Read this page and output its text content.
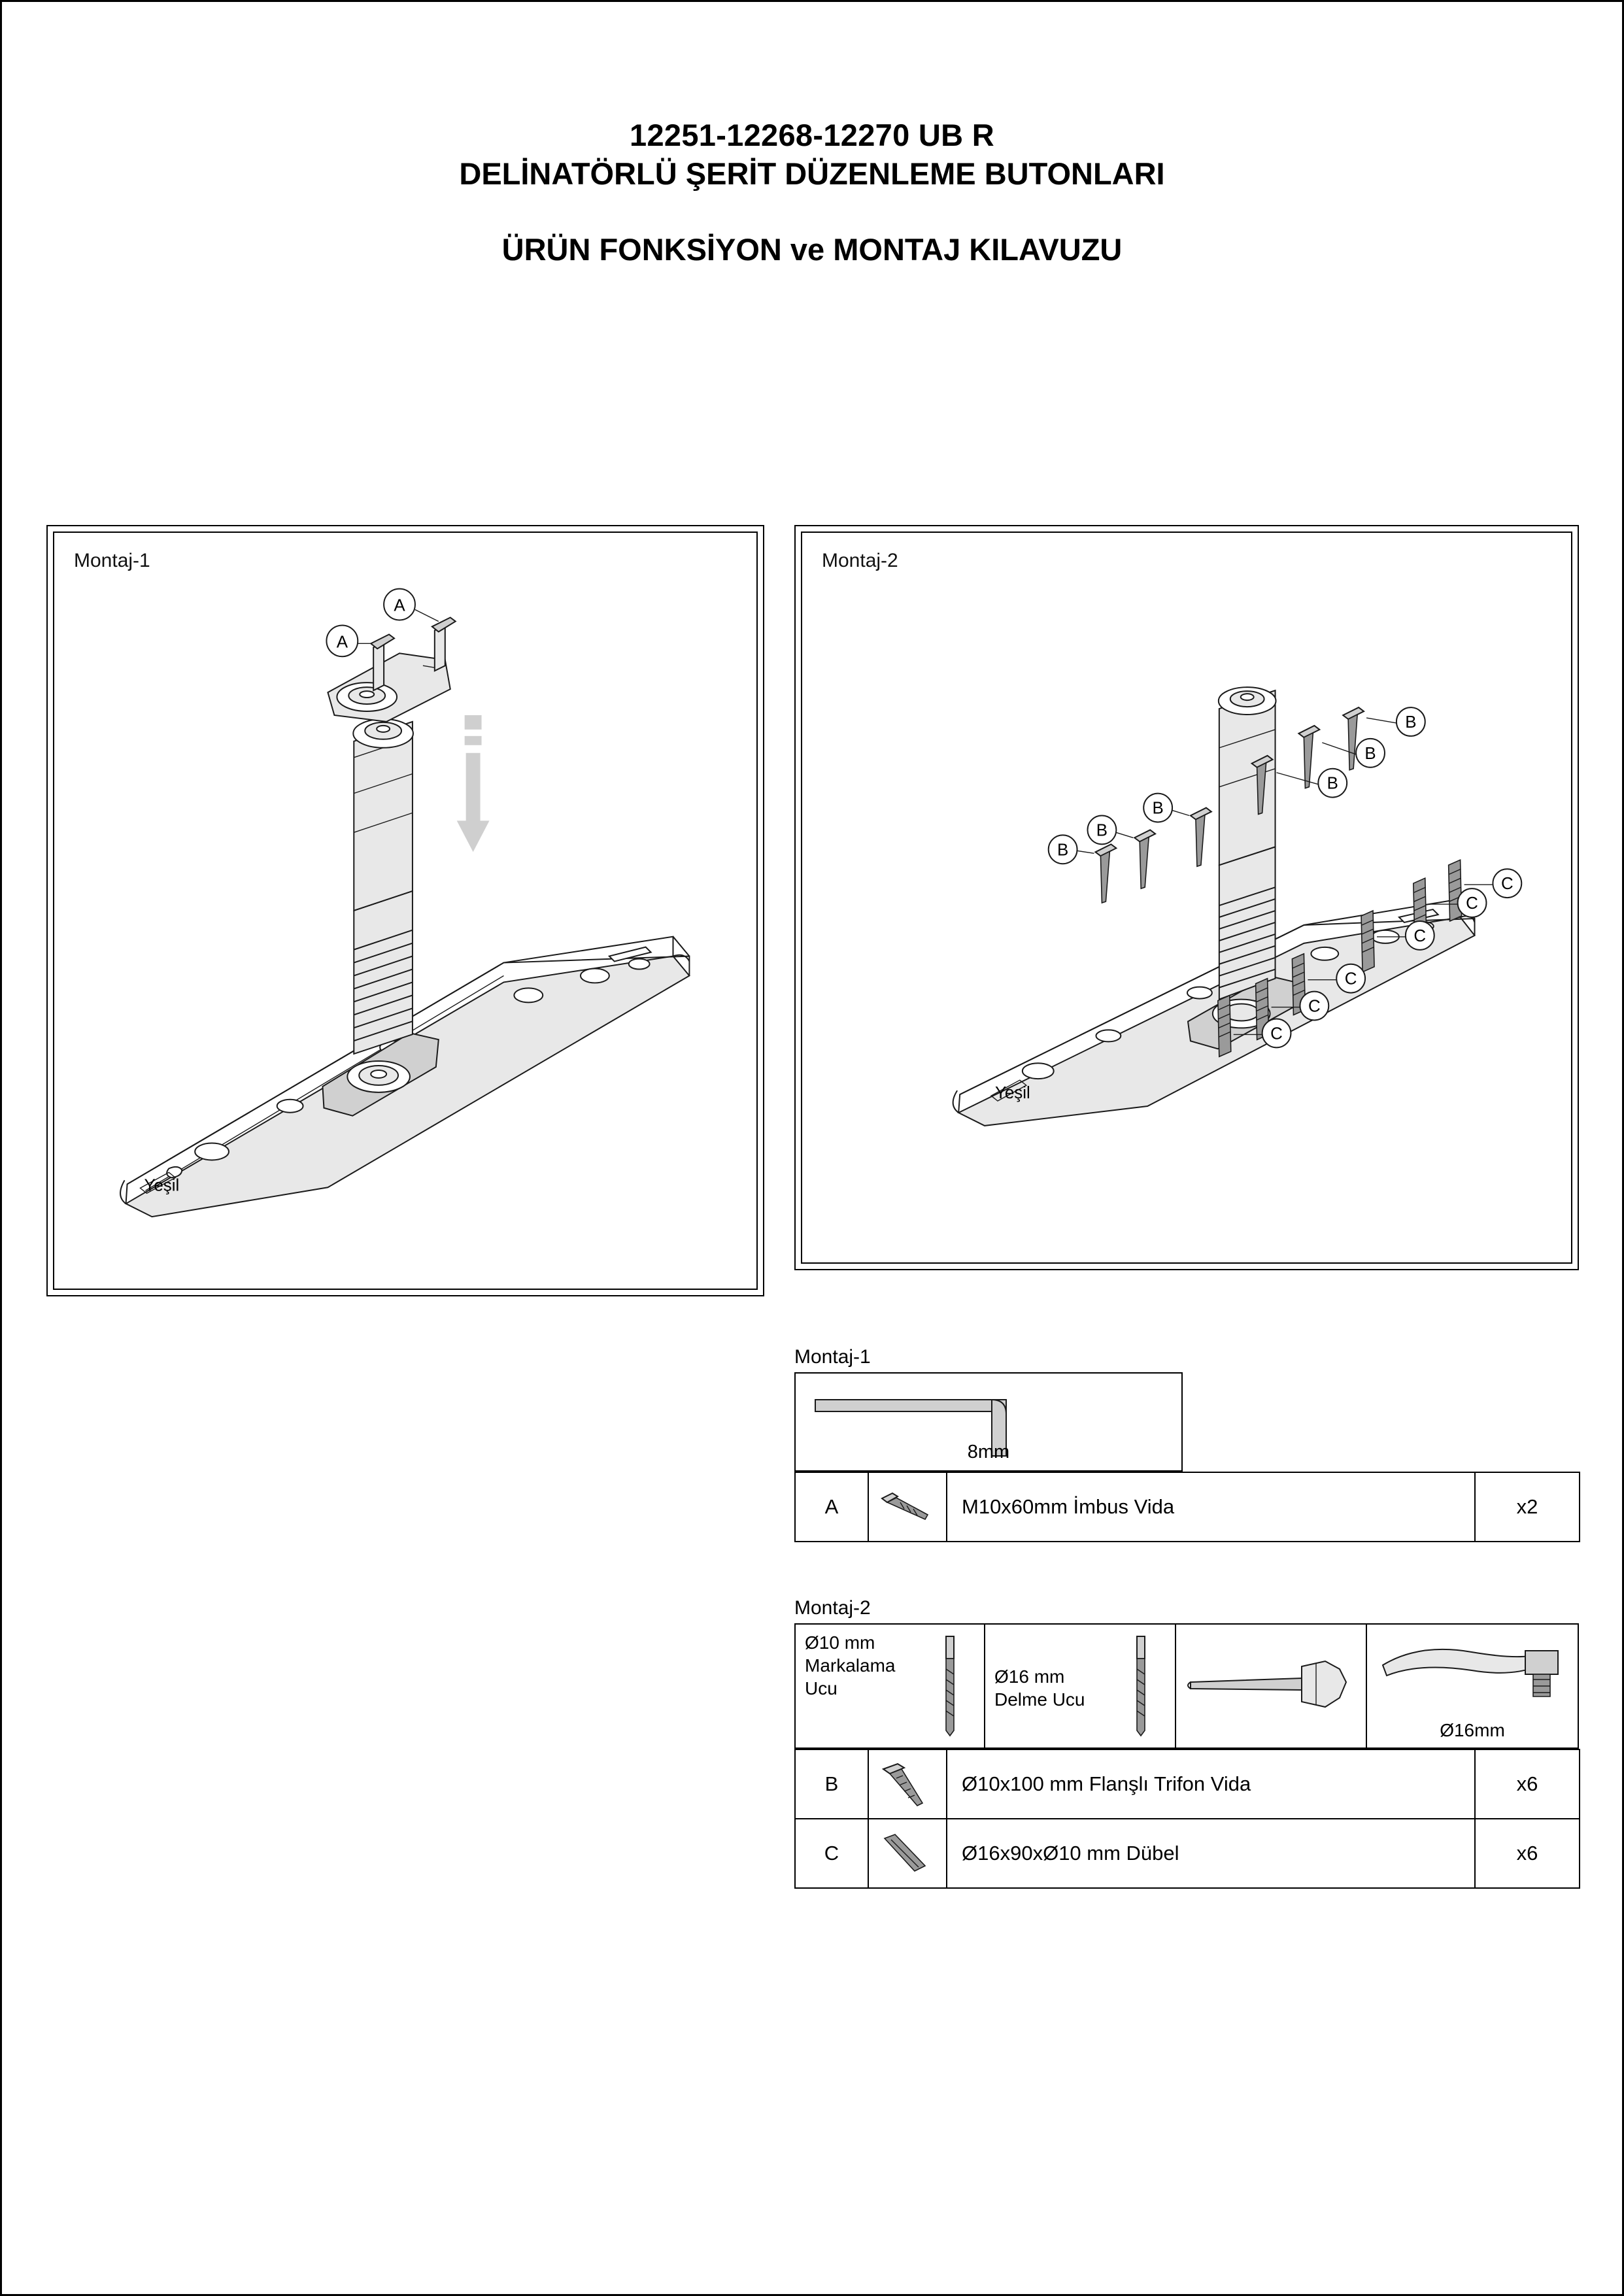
12251-12268-12270 UB R
DELİNATÖRLÜ ŞERİT DÜZENLEME BUTONLARI
ÜRÜN FONKSİYON ve MONTAJ KILAVUZU
Montaj-1
Yeşil
A
A
Montaj-2
Yeşil
B
B
B
B
B
B
C
C
C
C
C
C
Montaj-1
8mm
A		M10x60mm İmbus Vida	x2
Montaj-2
Ø10 mm
Markalama
Ucu
Ø16 mm
Delme Ucu
Ø16mm
B		Ø10x100 mm Flanşlı Trifon Vida	x6
C		Ø16x90xØ10 mm Dübel	x6
